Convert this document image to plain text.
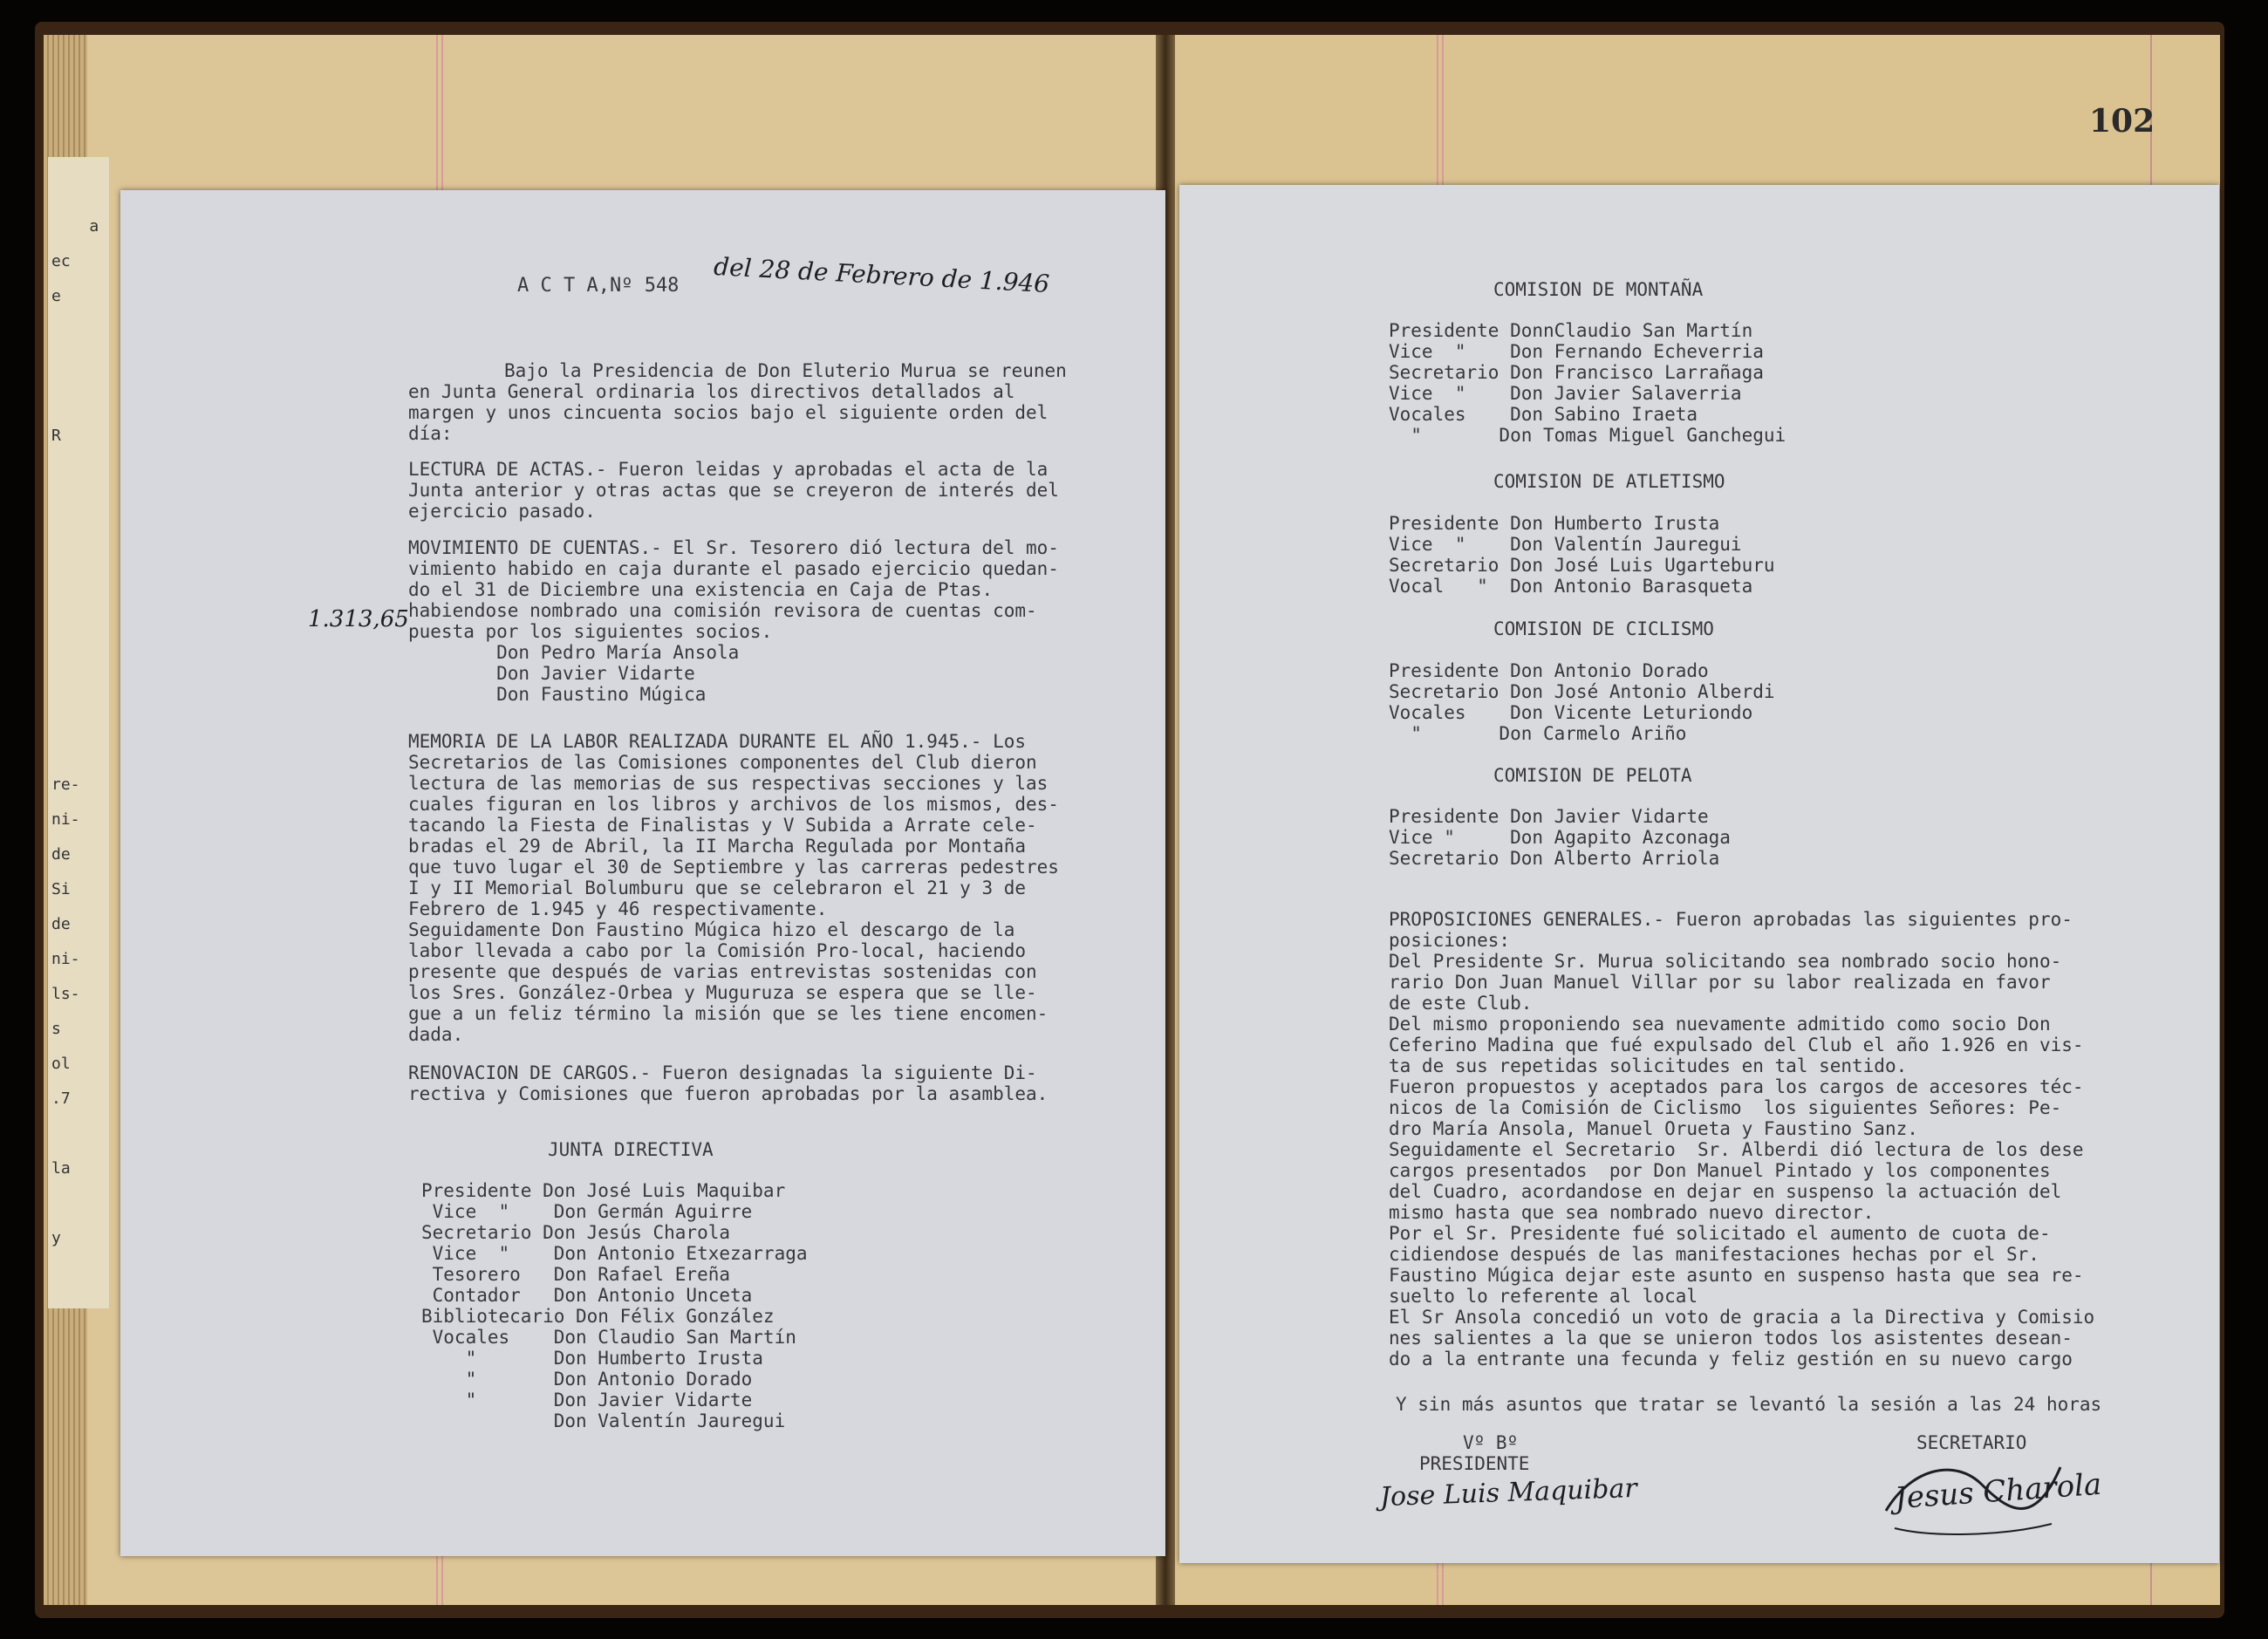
a
ec
e

R

re-
ni-
de
Si
de
ni-
ls-
s
ol
.7

la

y

102
A C T A,Nº 548 del 28 de Febrero de 1.946
Bajo la Presidencia de Don Eluterio Murua se reunen
en Junta General ordinaria los directivos detallados al
margen y unos cincuenta socios bajo el siguiente orden del
día:
LECTURA DE ACTAS.- Fueron leidas y aprobadas el acta de la
Junta anterior y otras actas que se creyeron de interés del
ejercicio pasado.
MOVIMIENTO DE CUENTAS.- El Sr. Tesorero dió lectura del mo-
vimiento habido en caja durante el pasado ejercicio quedan-
do el 31 de Diciembre una existencia en Caja de Ptas.
habiendose nombrado una comisión revisora de cuentas com-
puesta por los siguientes socios.
Don Pedro María Ansola
Don Javier Vidarte
Don Faustino Múgica
1.313,65
MEMORIA DE LA LABOR REALIZADA DURANTE EL AÑO 1.945.- Los
Secretarios de las Comisiones componentes del Club dieron
lectura de las memorias de sus respectivas secciones y las
cuales figuran en los libros y archivos de los mismos, des-
tacando la Fiesta de Finalistas y V Subida a Arrate cele-
bradas el 29 de Abril, la II Marcha Regulada por Montaña
que tuvo lugar el 30 de Septiembre y las carreras pedestres
I y II Memorial Bolumburu que se celebraron el 21 y 3 de
Febrero de 1.945 y 46 respectivamente.
Seguidamente Don Faustino Múgica hizo el descargo de la
labor llevada a cabo por la Comisión Pro-local, haciendo
presente que después de varias entrevistas sostenidas con
los Sres. González-Orbea y Muguruza se espera que se lle-
gue a un feliz término la misión que se les tiene encomen-
dada.
RENOVACION DE CARGOS.- Fueron designadas la siguiente Di-
rectiva y Comisiones que fueron aprobadas por la asamblea.
JUNTA DIRECTIVA
Presidente Don José Luis Maquibar
Vice  "    Don Germán Aguirre
Secretario Don Jesús Charola
Vice  "    Don Antonio Etxezarraga
Tesorero   Don Rafael Ereña
Contador   Don Antonio Unceta
Bibliotecario Don Félix González
Vocales    Don Claudio San Martín
"       Don Humberto Irusta
"       Don Antonio Dorado
"       Don Javier Vidarte
Don Valentín Jauregui
COMISION DE MONTAÑA
Presidente DonnClaudio San Martín
Vice  "    Don Fernando Echeverria
Secretario Don Francisco Larrañaga
Vice  "    Don Javier Salaverria
Vocales    Don Sabino Iraeta
"       Don Tomas Miguel Ganchegui
COMISION DE ATLETISMO
Presidente Don Humberto Irusta
Vice  "    Don Valentín Jauregui
Secretario Don José Luis Ugarteburu
Vocal   "  Don Antonio Barasqueta
COMISION DE CICLISMO
Presidente Don Antonio Dorado
Secretario Don José Antonio Alberdi
Vocales    Don Vicente Leturiondo
"       Don Carmelo Ariño
COMISION DE PELOTA
Presidente Don Javier Vidarte
Vice "     Don Agapito Azconaga
Secretario Don Alberto Arriola
PROPOSICIONES GENERALES.- Fueron aprobadas las siguientes pro-
posiciones:
Del Presidente Sr. Murua solicitando sea nombrado socio hono-
rario Don Juan Manuel Villar por su labor realizada en favor
de este Club.
Del mismo proponiendo sea nuevamente admitido como socio Don
Ceferino Madina que fué expulsado del Club el año 1.926 en vis-
ta de sus repetidas solicitudes en tal sentido.
Fueron propuestos y aceptados para los cargos de accesores téc-
nicos de la Comisión de Ciclismo  los siguientes Señores: Pe-
dro María Ansola, Manuel Orueta y Faustino Sanz.
Seguidamente el Secretario  Sr. Alberdi dió lectura de los dese
cargos presentados  por Don Manuel Pintado y los componentes
del Cuadro, acordandose en dejar en suspenso la actuación del
mismo hasta que sea nombrado nuevo director.
Por el Sr. Presidente fué solicitado el aumento de cuota de-
cidiendose después de las manifestaciones hechas por el Sr.
Faustino Múgica dejar este asunto en suspenso hasta que sea re-
suelto lo referente al local
El Sr Ansola concedió un voto de gracia a la Directiva y Comisio
nes salientes a la que se unieron todos los asistentes desean-
do a la entrante una fecunda y feliz gestión en su nuevo cargo
Y sin más asuntos que tratar se levantó la sesión a las 24 horas
Vº Bº
PRESIDENTE
SECRETARIO
Jose Luis Maquibar	Jesus Charola
